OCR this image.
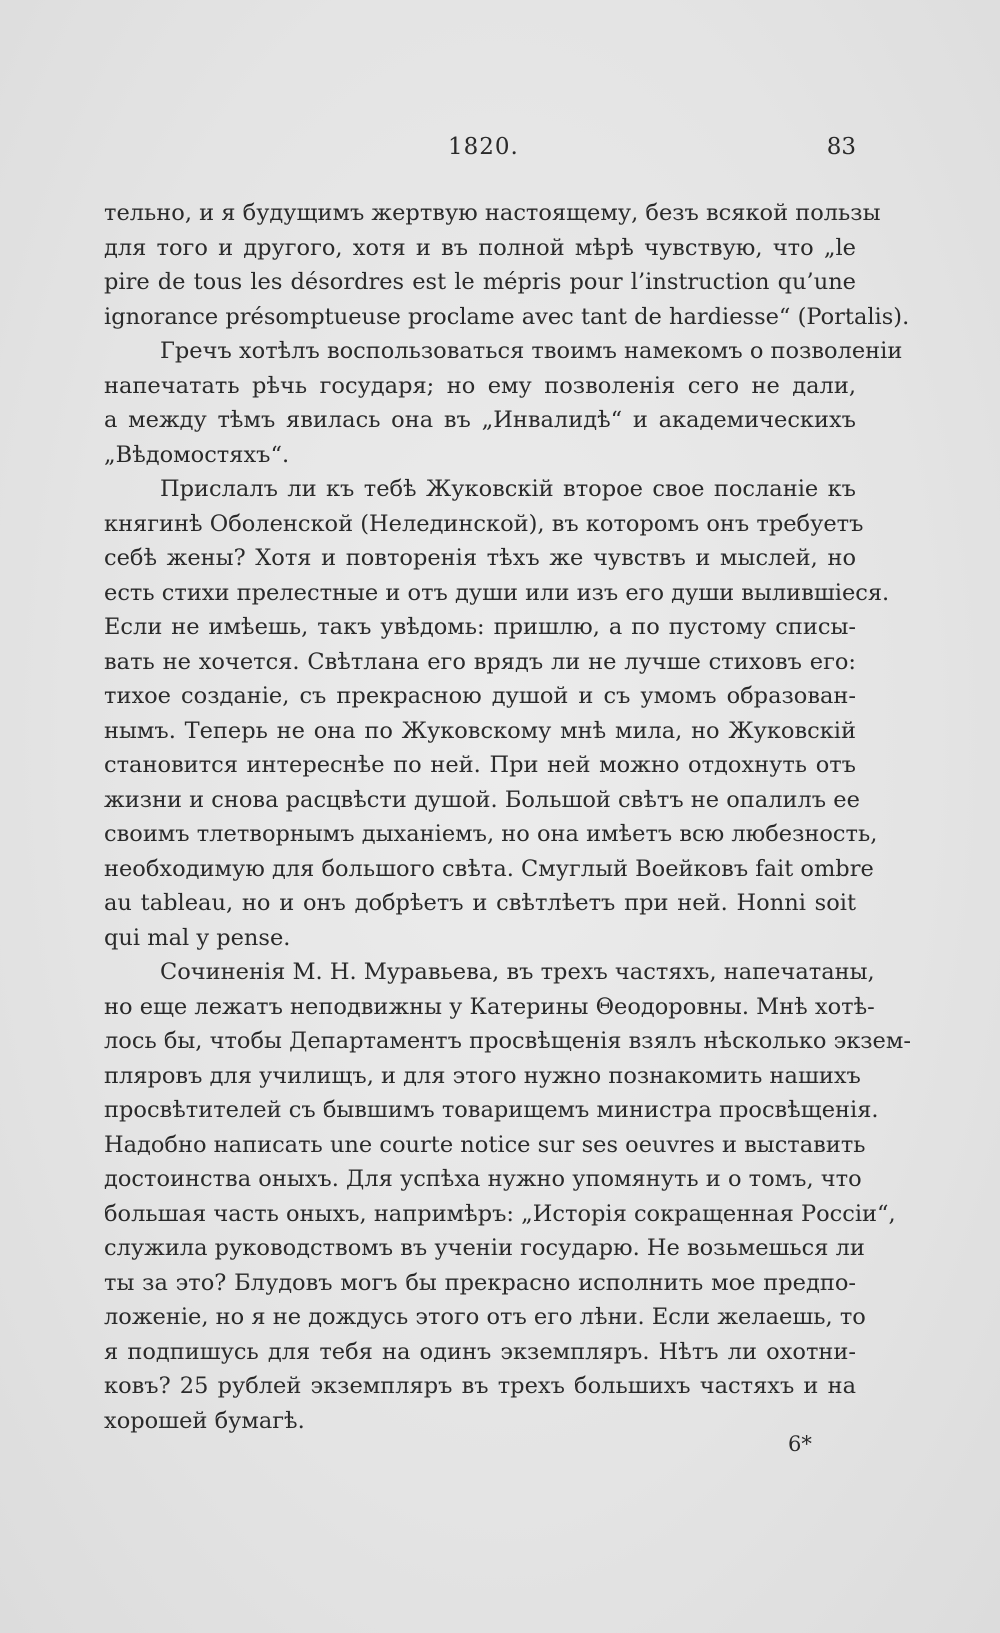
1820.	83
тельно, и я будущимъ жертвую настоящему, безъ всякой пользы
для того и другого, хотя и въ полной мѣрѣ чувствую, что „le
pire de tous les désordres est le mépris pour l’instruction qu’une
ignorance présomptueuse proclame avec tant de hardiesse“ (Portalis).
Гречъ хотѣлъ воспользоваться твоимъ намекомъ о позволенiи
напечатать рѣчь государя; но ему позволенiя сего не дали,
а между тѣмъ явилась она въ „Инвалидѣ“ и академическихъ
„Вѣдомостяхъ“.
Прислалъ ли къ тебѣ Жуковскiй второе свое посланiе къ
княгинѣ Оболенской (Нелединской), въ которомъ онъ требуетъ
себѣ жены? Хотя и повторенiя тѣхъ же чувствъ и мыслей, но
есть стихи прелестные и отъ души или изъ его души вылившiеся.
Если не имѣешь, такъ увѣдомь: пришлю, а по пустому списы-
вать не хочется. Свѣтлана его врядъ ли не лучше стиховъ его:
тихое созданiе, съ прекрасною душой и съ умомъ образован-
нымъ. Теперь не она по Жуковскому мнѣ мила, но Жуковскiй
становится интереснѣе по ней. При ней можно отдохнуть отъ
жизни и снова расцвѣсти душой. Большой свѣтъ не опалилъ ее
своимъ тлетворнымъ дыханiемъ, но она имѣетъ всю любезность,
необходимую для большого свѣта. Смуглый Воейковъ fait ombre
au tableau, но и онъ добрѣетъ и свѣтлѣетъ при ней. Honni soit
qui mal y pense.
Сочиненiя М. Н. Муравьева, въ трехъ частяхъ, напечатаны,
но еще лежатъ неподвижны у Катерины Θеодоровны. Мнѣ хотѣ-
лось бы, чтобы Департаментъ просвѣщенiя взялъ нѣсколько экзем-
пляровъ для училищъ, и для этого нужно познакомить нашихъ
просвѣтителей съ бывшимъ товарищемъ министра просвѣщенiя.
Надобно написать une courte notice sur ses oeuvres и выставить
достоинства оныхъ. Для успѣха нужно упомянуть и о томъ, что
большая часть оныхъ, напримѣръ: „Исторiя сокращенная Россiи“,
служила руководствомъ въ ученiи государю. Не возьмешься ли
ты за это? Блудовъ могъ бы прекрасно исполнить мое предпо-
ложенiе, но я не дождусь этого отъ его лѣни. Если желаешь, то
я подпишусь для тебя на одинъ экземпляръ. Нѣтъ ли охотни-
ковъ? 25 рублей экземпляръ въ трехъ большихъ частяхъ и на
хорошей бумагѣ.
6*
